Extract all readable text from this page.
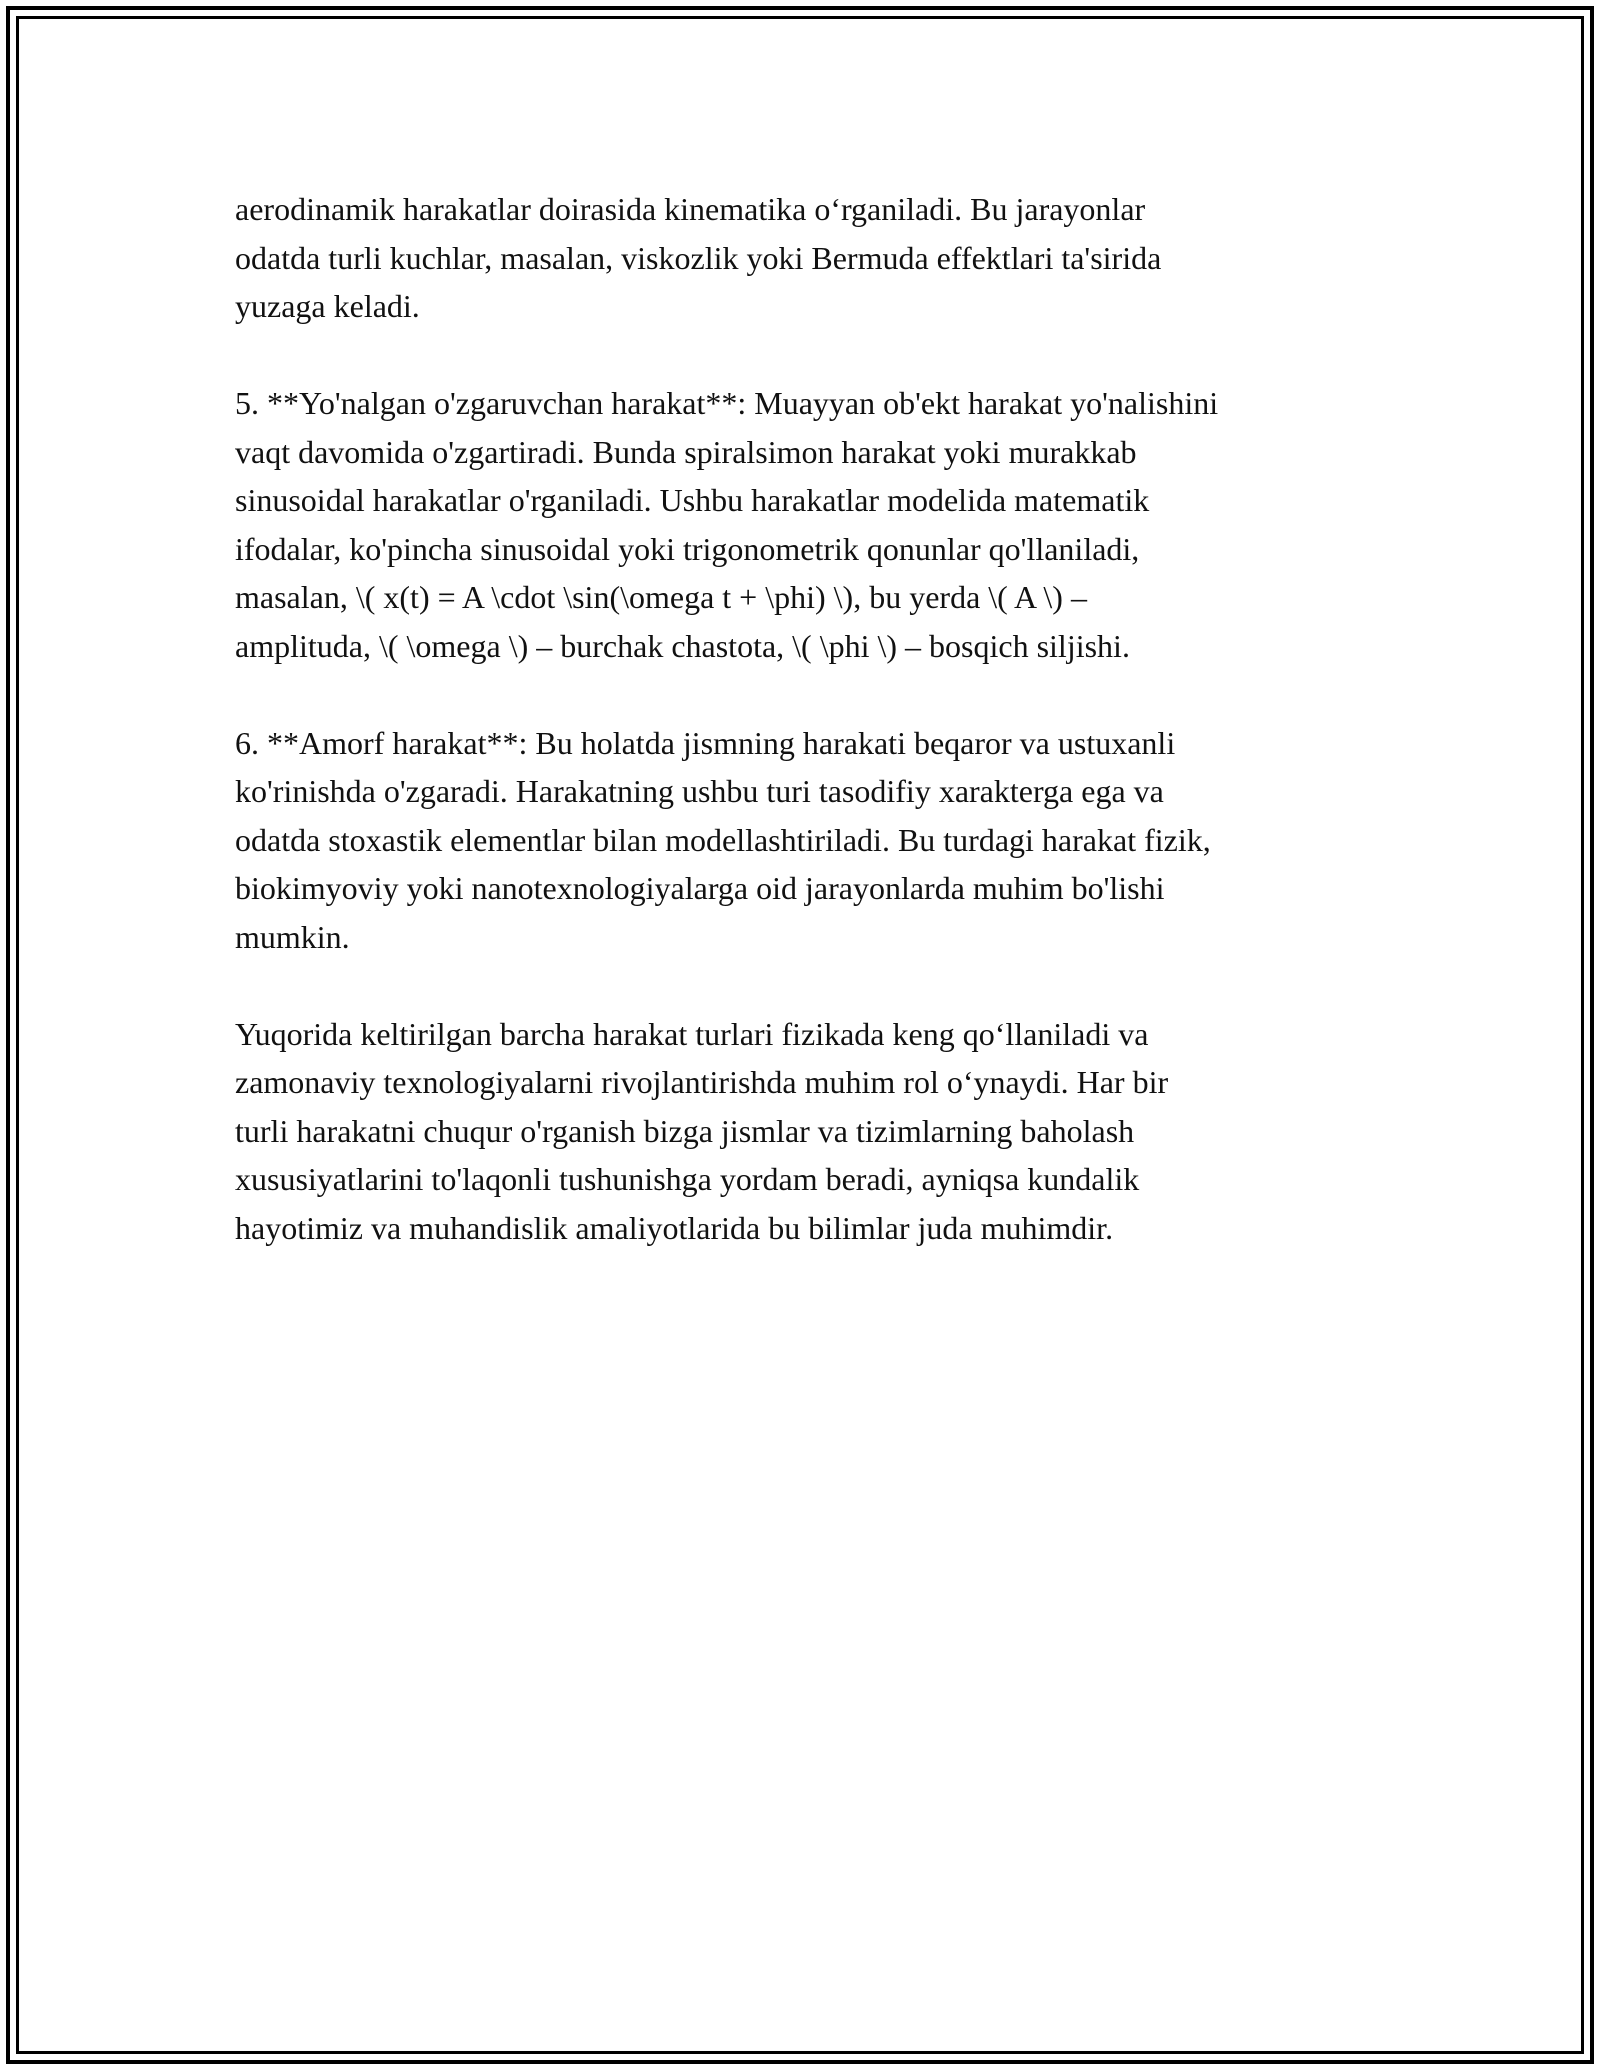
aerodinamik harakatlar doirasida kinematika o‘rganiladi. Bu jarayonlar
odatda turli kuchlar, masalan, viskozlik yoki Bermuda effektlari ta'sirida
yuzaga keladi.

5. **Yo'nalgan o'zgaruvchan harakat**: Muayyan ob'ekt harakat yo'nalishini
vaqt davomida o'zgartiradi. Bunda spiralsimon harakat yoki murakkab
sinusoidal harakatlar o'rganiladi. Ushbu harakatlar modelida matematik
ifodalar, ko'pincha sinusoidal yoki trigonometrik qonunlar qo'llaniladi,
masalan, \( x(t) = A \cdot \sin(\omega t + \phi) \), bu yerda \( A \) –
amplituda, \( \omega \) – burchak chastota, \( \phi \) – bosqich siljishi.

6. **Amorf harakat**: Bu holatda jismning harakati beqaror va ustuxanli
ko'rinishda o'zgaradi. Harakatning ushbu turi tasodifiy xarakterga ega va
odatda stoxastik elementlar bilan modellashtiriladi. Bu turdagi harakat fizik,
biokimyoviy yoki nanotexnologiyalarga oid jarayonlarda muhim bo'lishi
mumkin.

Yuqorida keltirilgan barcha harakat turlari fizikada keng qo‘llaniladi va
zamonaviy texnologiyalarni rivojlantirishda muhim rol o‘ynaydi. Har bir
turli harakatni chuqur o'rganish bizga jismlar va tizimlarning baholash
xususiyatlarini to'laqonli tushunishga yordam beradi, ayniqsa kundalik
hayotimiz va muhandislik amaliyotlarida bu bilimlar juda muhimdir.
